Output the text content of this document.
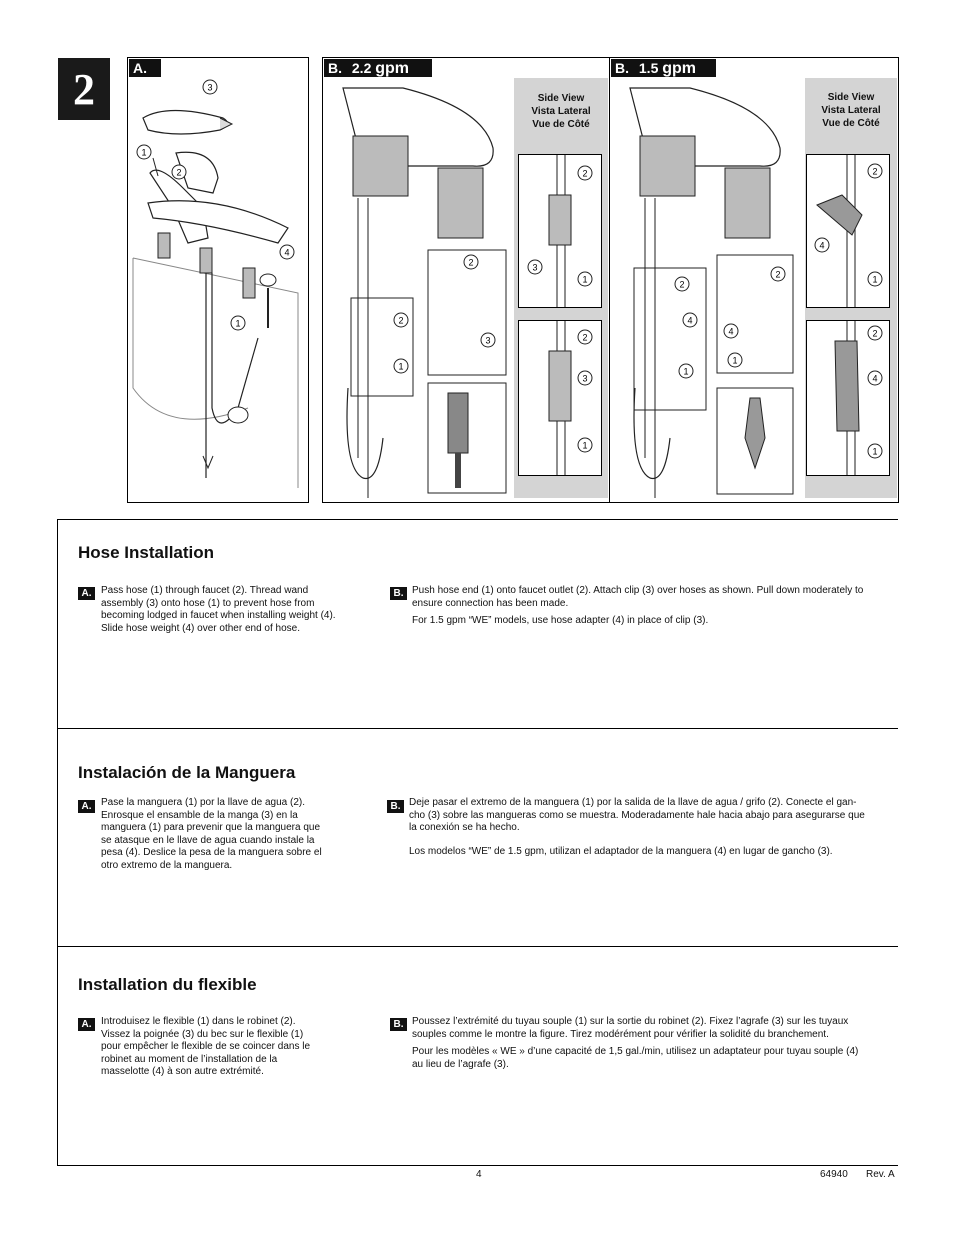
2	A.
1
2
3
4
1
B. 2.2 gpm
2
1
2
3
Side View
Vista Lateral
Vue de Côté
2
3
1
2
3
1
B. 1.5 gpm
2
4
1
2
4
1
Side View
Vista Lateral
Vue de Côté
2
4
1
2
4
1
Hose Installation
A. Pass hose (1) through faucet (2). Thread wand
assembly (3) onto hose (1) to prevent hose from
becoming lodged in faucet when installing weight (4).
Slide hose weight (4) over other end of hose.
B. Push hose end (1) onto faucet outlet (2). Attach clip (3) over hoses as shown. Pull down moderately to
ensure connection has been made.
For 1.5 gpm “WE” models, use hose adapter (4) in place of clip (3).
Instalación de la Manguera
A. Pase la manguera (1) por la llave de agua (2).
Enrosque el ensamble de la manga (3) en la
manguera (1) para prevenir que la manguera que
se atasque en le llave de agua cuando instale la
pesa (4). Deslice la pesa de la manguera sobre el
otro extremo de la manguera.
B. Deje pasar el extremo de la manguera (1) por la salida de la llave de agua / grifo (2). Conecte el gan-
cho (3) sobre las mangueras como se muestra. Moderadamente hale hacia abajo para asegurarse que
la conexión se ha hecho.
Los modelos “WE” de 1.5 gpm, utilizan el adaptador de la manguera (4) en lugar de gancho (3).
Installation du flexible
A. Introduisez le flexible (1) dans le robinet (2).
Vissez la poignée (3) du bec sur le flexible (1)
pour empêcher le flexible de se coincer dans le
robinet au moment de l’installation de la
masselotte (4) à son autre extrémité.
B. Poussez l’extrémité du tuyau souple (1) sur la sortie du robinet (2). Fixez l’agrafe (3) sur les tuyaux
souples comme le montre la figure. Tirez modérément pour vérifier la solidité du branchement.
Pour les modèles « WE » d’une capacité de 1,5 gal./min, utilisez un adaptateur pour tuyau souple (4)
au lieu de l’agrafe (3).
4	64940 Rev. A
